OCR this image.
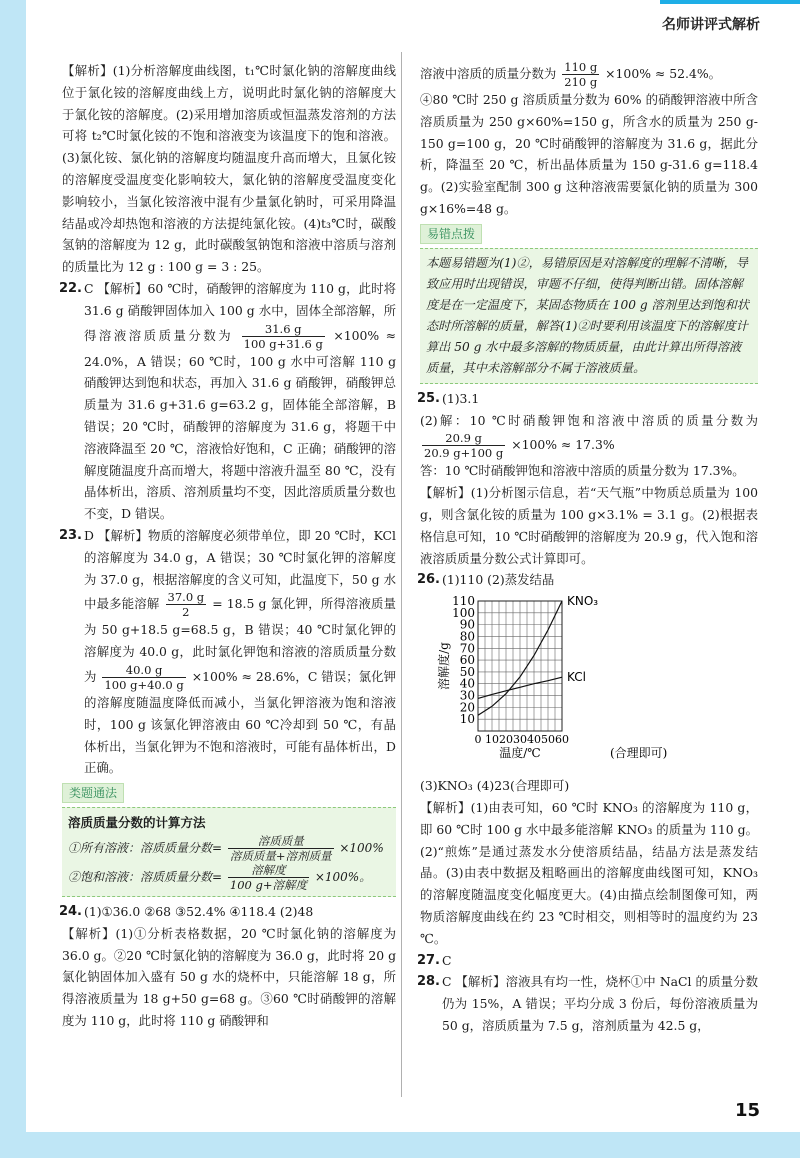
名师讲评式解析

【解析】(1)分析溶解度曲线图，t₁℃时氯化钠的溶解度曲线位于氯化铵的溶解度曲线上方，说明此时氯化钠的溶解度大于氯化铵的溶解度。(2)采用增加溶质或恒温蒸发溶剂的方法可将 t₂℃时氯化铵的不饱和溶液变为该温度下的饱和溶液。(3)氯化铵、氯化钠的溶解度均随温度升高而增大，且氯化铵的溶解度受温度变化影响较大，氯化钠的溶解度受温度变化影响较小，当氯化铵溶液中混有少量氯化钠时，可采用降温结晶或冷却热饱和溶液的方法提纯氯化铵。(4)t₃℃时，碳酸氢钠的溶解度为 12 g，此时碳酸氢钠饱和溶液中溶质与溶剂的质量比为 12 g : 100 g = 3 : 25。

22. C 【解析】60 ℃时，硝酸钾的溶解度为 110 g，此时将 31.6 g 硝酸钾固体加入 100 g 水中，固体全部溶解，所得溶液溶质质量分数为 $\frac{31.6 g}{100 g+31.6 g} \times 100\% \approx 24.0\%$，A 错误；60 ℃时，100 g 水中可溶解 110 g 硝酸钾达到饱和状态，再加入 31.6 g 硝酸钾，硝酸钾总质量为 31.6 g+31.6 g=63.2 g，固体能全部溶解，B 错误；20 ℃时，硝酸钾的溶解度为 31.6 g，将题干中溶液降温至 20 ℃，溶液恰好饱和，C 正确；硝酸钾的溶解度随温度升高而增大，将题中溶液升温至 80 ℃，没有晶体析出，溶质、溶剂质量均不变，因此溶质质量分数也不变，D 错误。
23. D 【解析】物质的溶解度必须带单位，即 20 ℃时，KCl 的溶解度为 34.0 g，A 错误；30 ℃时氯化钾的溶解度为 37.0 g，根据溶解度的含义可知，此温度下，50 g 水中最多能溶解 $\frac{37.0 g}{2} = 18.5$ g 氯化钾，所得溶液质量为 50 g+18.5 g=68.5 g，B 错误；40 ℃时氯化钾的溶解度为 40.0 g，此时氯化钾饱和溶液的溶质质量分数为 $\frac{40.0 g}{100 g+40.0 g} \times 100\% \approx 28.6\%$，C 错误；氯化钾的溶解度随温度降低而减小，当氯化钾溶液为饱和溶液时，100 g 该氯化钾溶液由 60 ℃冷却到 50 ℃，有晶体析出，当氯化钾为不饱和溶液时，可能有晶体析出，D 正确。
类题通法
溶质质量分数的计算方法
①所有溶液：溶质质量分数= $\frac{\text{溶质质量}}{\text{溶质质量+溶剂质量}} \times 100\%$
②饱和溶液：溶质质量分数= $\frac{\text{溶解度}}{\text{100 g+溶解度}} \times 100\%$。
24. (1)①36.0 ②68 ③52.4% ④118.4 (2)48

【解析】(1)①分析表格数据，20 ℃时氯化钠的溶解度为 36.0 g。②20 ℃时氯化钠的溶解度为 36.0 g，此时将 20 g 氯化钠固体加入盛有 50 g 水的烧杯中，只能溶解 18 g，所得溶液质量为 18 g+50 g=68 g。③60 ℃时硝酸钾的溶解度为 110 g，此时将 110 g 硝酸钾和

溶液中溶质的质量分数为 $\frac{110 g}{210 g} \times 100\% \approx 52.4\%$。

④80 ℃时 250 g 溶质质量分数为 60% 的硝酸钾溶液中所含溶质质量为 250 g×60%=150 g，所含水的质量为 250 g-150 g=100 g，20 ℃时硝酸钾的溶解度为 31.6 g，据此分析，降温至 20 ℃，析出晶体质量为 150 g-31.6 g=118.4 g。(2)实验室配制 300 g 这种溶液需要氯化钠的质量为 300 g×16%=48 g。

易错点拨
本题易错题为(1)②，易错原因是对溶解度的理解不清晰，导致应用时出现错误，审题不仔细，使得判断出错。固体溶解度是在一定温度下，某固态物质在 100 g 溶剂里达到饱和状态时所溶解的质量，解答(1)②时要利用该温度下的溶解度计算出 50 g 水中最多溶解的物质质量，由此计算出所得溶液质量，其中未溶解部分不属于溶液质量。
25. (1)3.1
(2)解：10 ℃时硝酸钾饱和溶液中溶质的质量分数为
$\frac{20.9 g}{20.9 g+100 g} \times 100\% \approx 17.3\%$

答：10 ℃时硝酸钾饱和溶液中溶质的质量分数为 17.3%。

【解析】(1)分析图示信息，若“天气瓶”中物质总质量为 100 g，则含氯化铵的质量为 100 g×3.1% = 3.1 g。(2)根据表格信息可知，10 ℃时硝酸钾的溶解度为 20.9 g，代入饱和溶液溶质质量分数公式计算即可。

26. (1)110 (2)蒸发结晶
10
20
30
40
50
60
70
80
90
100
110
0 10 20 30 40 50 60
温度/℃
溶解度/g
KNO₃
KCl
(合理即可)

(3)KNO₃ (4)23(合理即可)

【解析】(1)由表可知，60 ℃时 KNO₃ 的溶解度为 110 g，即 60 ℃时 100 g 水中最多能溶解 KNO₃ 的质量为 110 g。(2)“煎炼”是通过蒸发水分使溶质结晶，结晶方法是蒸发结晶。(3)由表中数据及粗略画出的溶解度曲线图可知，KNO₃ 的溶解度随温度变化幅度更大。(4)由描点绘制图像可知，两物质溶解度曲线在约 23 ℃时相交，则相等时的温度约为 23 ℃。

27. C
28. C 【解析】溶液具有均一性，烧杯①中 NaCl 的质量分数仍为 15%，A 错误；平均分成 3 份后，每份溶液质量为 50 g，溶质质量为 7.5 g，溶剂质量为 42.5 g，
15
